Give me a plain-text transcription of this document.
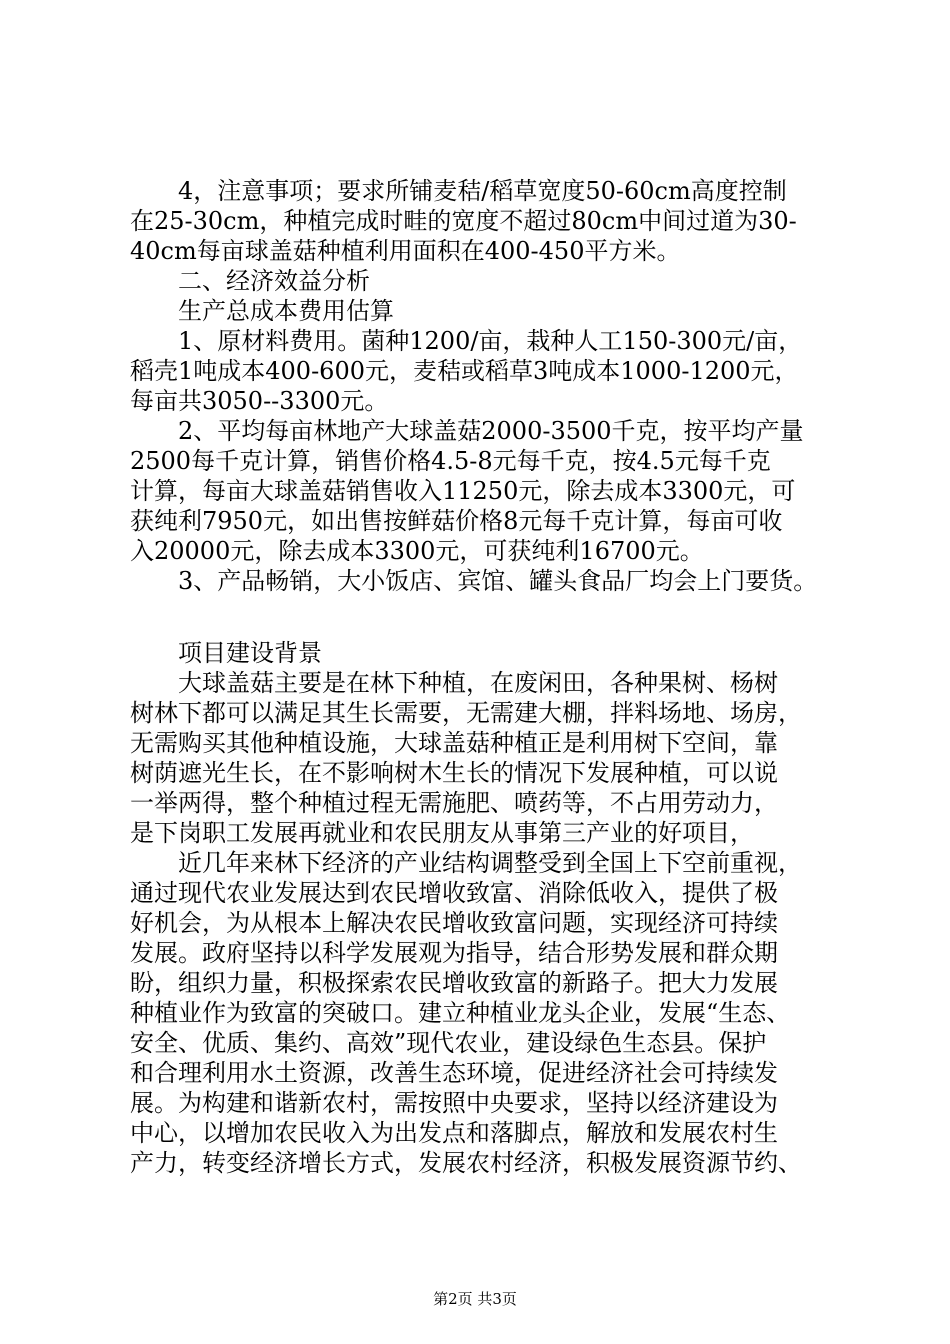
4，注意事项；要求所铺麦秸/稻草宽度50-60cm高度控制
在25-30cm，种植完成时畦的宽度不超过80cm中间过道为30-
40cm每亩球盖菇种植利用面积在400-450平方米。
二、经济效益分析
生产总成本费用估算
1、原材料费用。菌种1200/亩，栽种人工150-300元/亩，
稻壳1吨成本400-600元，麦秸或稻草3吨成本1000-1200元，
每亩共3050--3300元。
2、平均每亩林地产大球盖菇2000-3500千克，按平均产量
2500每千克计算，销售价格4.5-8元每千克，按4.5元每千克
计算，每亩大球盖菇销售收入11250元，除去成本3300元，可
获纯利7950元，如出售按鲜菇价格8元每千克计算，每亩可收
入20000元，除去成本3300元，可获纯利16700元。
3、产品畅销，大小饭店、宾馆、罐头食品厂均会上门要货。
项目建设背景
大球盖菇主要是在林下种植，在废闲田，各种果树、杨树
树林下都可以满足其生长需要，无需建大棚，拌料场地、场房，
无需购买其他种植设施，大球盖菇种植正是利用树下空间，靠
树荫遮光生长，在不影响树木生长的情况下发展种植，可以说
一举两得，整个种植过程无需施肥、喷药等，不占用劳动力，
是下岗职工发展再就业和农民朋友从事第三产业的好项目，
近几年来林下经济的产业结构调整受到全国上下空前重视，
通过现代农业发展达到农民增收致富、消除低收入，提供了极
好机会，为从根本上解决农民增收致富问题，实现经济可持续
发展。政府坚持以科学发展观为指导，结合形势发展和群众期
盼，组织力量，积极探索农民增收致富的新路子。把大力发展
种植业作为致富的突破口。建立种植业龙头企业，发展“生态、
安全、优质、集约、高效”现代农业，建设绿色生态县。保护
和合理利用水土资源，改善生态环境，促进经济社会可持续发
展。为构建和谐新农村，需按照中央要求，坚持以经济建设为
中心，以增加农民收入为出发点和落脚点，解放和发展农村生
产力，转变经济增长方式，发展农村经济，积极发展资源节约、
第2页 共3页
